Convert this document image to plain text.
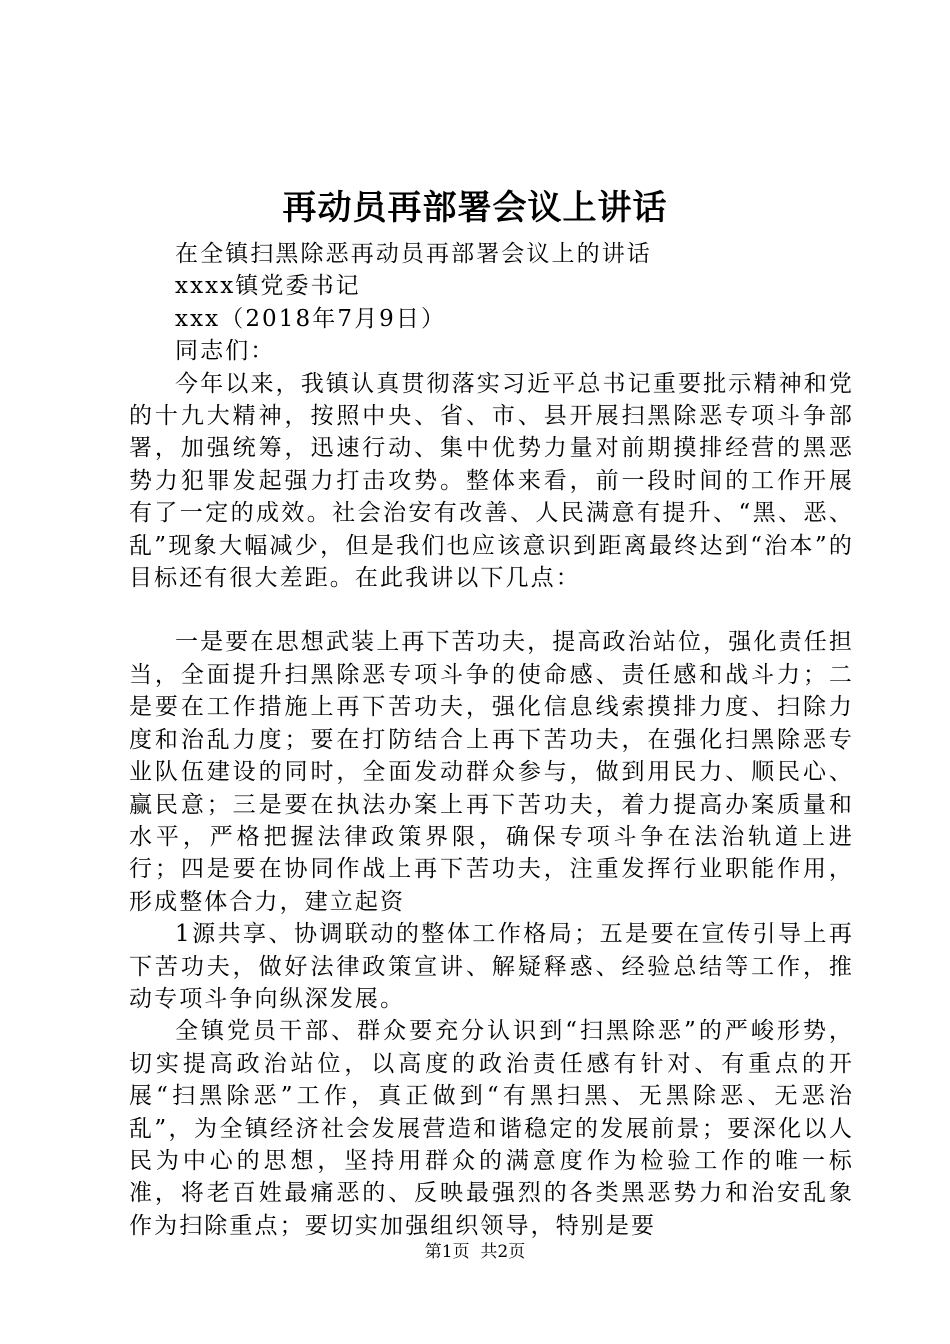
再动员再部署会议上讲话

在全镇扫黑除恶再动员再部署会议上的讲话

xxxx镇党委书记

xxx（2018年7月9日）

同志们：

今年以来，我镇认真贯彻落实习近平总书记重要批示精神和党的十九大精神，按照中央、省、市、县开展扫黑除恶专项斗争部署，加强统筹，迅速行动、集中优势力量对前期摸排经营的黑恶势力犯罪发起强力打击攻势。整体来看，前一段时间的工作开展有了一定的成效。社会治安有改善、人民满意有提升、“黑、恶、乱”现象大幅减少，但是我们也应该意识到距离最终达到“治本”的目标还有很大差距。在此我讲以下几点：

一是要在思想武装上再下苦功夫，提高政治站位，强化责任担当，全面提升扫黑除恶专项斗争的使命感、责任感和战斗力；二是要在工作措施上再下苦功夫，强化信息线索摸排力度、扫除力度和治乱力度；要在打防结合上再下苦功夫，在强化扫黑除恶专业队伍建设的同时，全面发动群众参与，做到用民力、顺民心、赢民意；三是要在执法办案上再下苦功夫，着力提高办案质量和水平，严格把握法律政策界限，确保专项斗争在法治轨道上进行；四是要在协同作战上再下苦功夫，注重发挥行业职能作用，形成整体合力，建立起资

1源共享、协调联动的整体工作格局；五是要在宣传引导上再下苦功夫，做好法律政策宣讲、解疑释惑、经验总结等工作，推动专项斗争向纵深发展。

全镇党员干部、群众要充分认识到“扫黑除恶”的严峻形势，切实提高政治站位，以高度的政治责任感有针对、有重点的开展“扫黑除恶”工作，真正做到“有黑扫黑、无黑除恶、无恶治乱”，为全镇经济社会发展营造和谐稳定的发展前景；要深化以人民为中心的思想，坚持用群众的满意度作为检验工作的唯一标准，将老百姓最痛恶的、反映最强烈的各类黑恶势力和治安乱象作为扫除重点；要切实加强组织领导，特别是要

第1页  共2页
